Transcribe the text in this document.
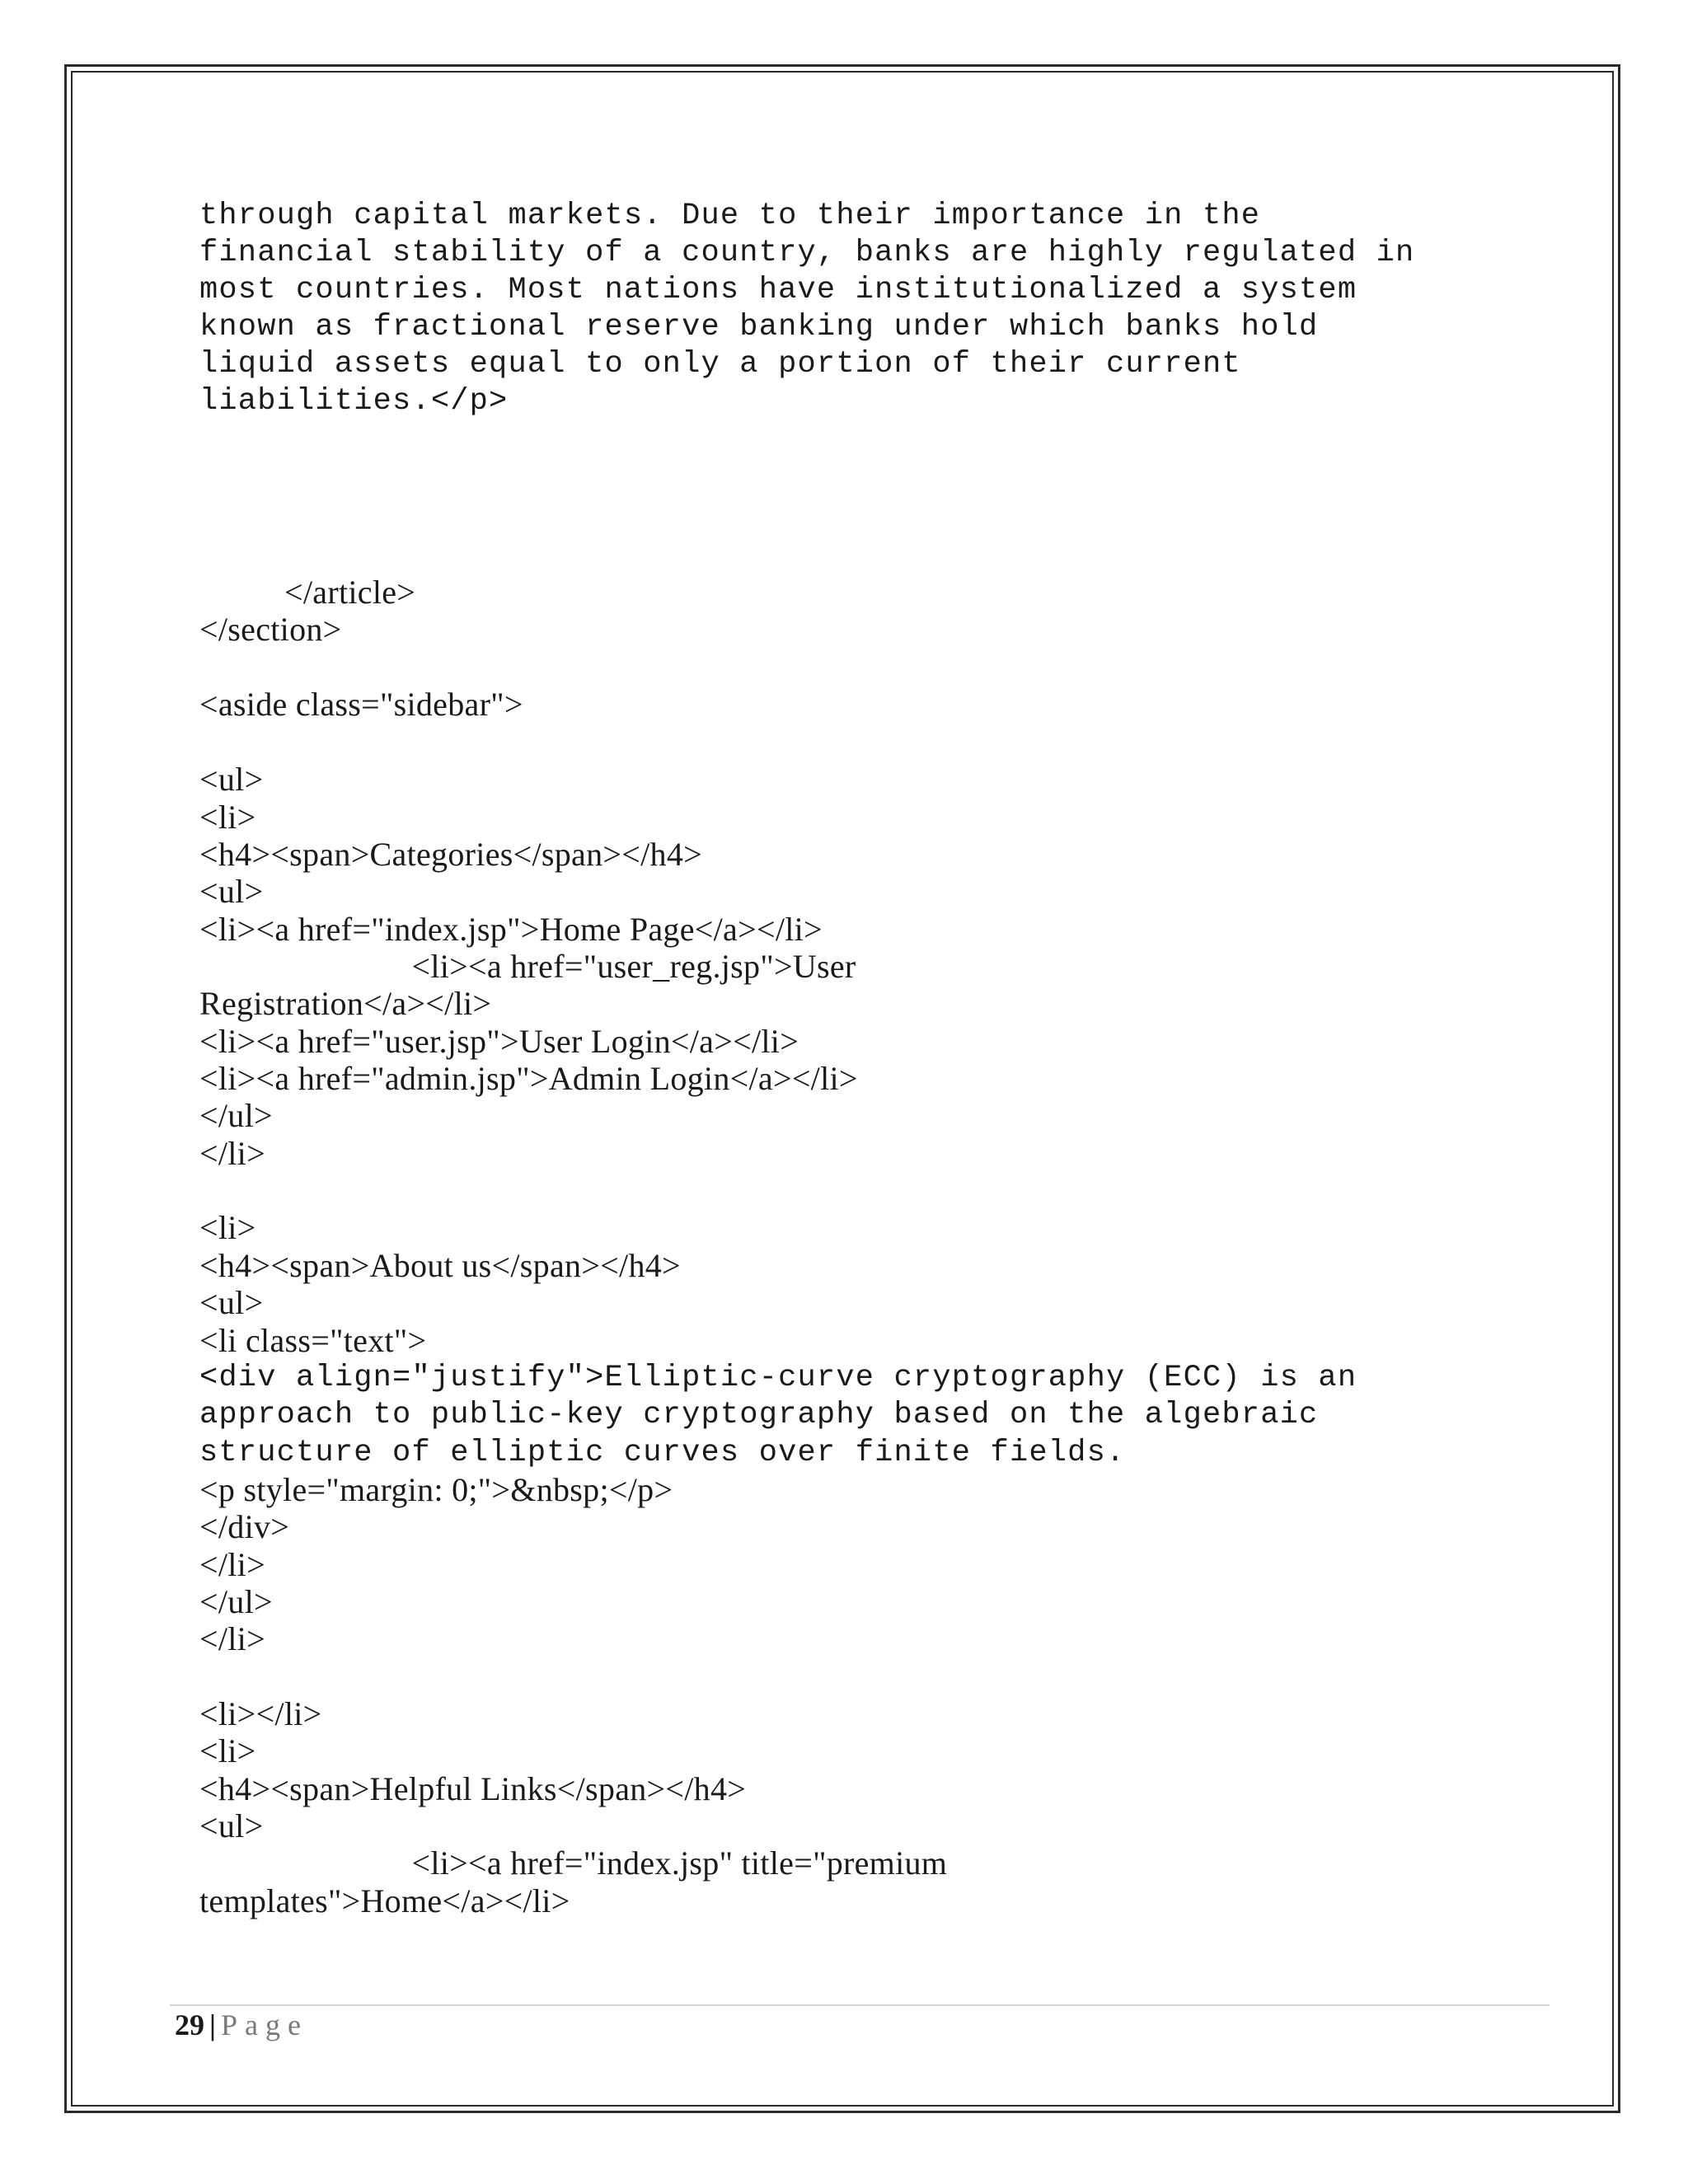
through capital markets. Due to their importance in the

financial stability of a country, banks are highly regulated in

most countries. Most nations have institutionalized a system

known as fractional reserve banking under which banks hold

liquid assets equal to only a portion of their current

liabilities.</p>

</article>

</section>

<aside class="sidebar">

<ul>

<li>

<h4><span>Categories</span></h4>

<ul>

<li><a href="index.jsp">Home Page</a></li>

<li><a href="user_reg.jsp">User

Registration</a></li>

<li><a href="user.jsp">User Login</a></li>

<li><a href="admin.jsp">Admin Login</a></li>

</ul>

</li>

<li>

<h4><span>About us</span></h4>

<ul>

<li class="text">

<div align="justify">Elliptic-curve cryptography (ECC) is an

approach to public-key cryptography based on the algebraic

structure of elliptic curves over finite fields.

<p style="margin: 0;">&nbsp;</p>

</div>

</li>

</ul>

</li>

<li></li>

<li>

<h4><span>Helpful Links</span></h4>

<ul>

<li><a href="index.jsp" title="premium

templates">Home</a></li>

29 | Page
